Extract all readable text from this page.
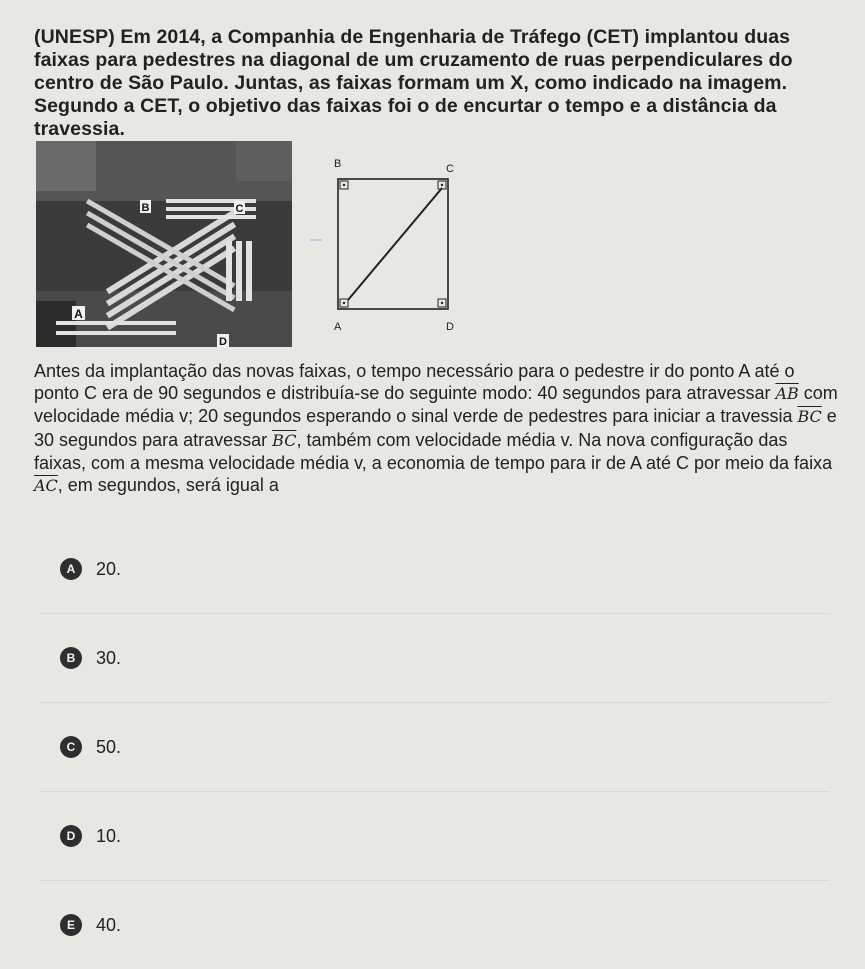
(UNESP) Em 2014, a Companhia de Engenharia de Tráfego (CET) implantou duas faixas para pedestres na diagonal de um cruzamento de ruas perpendiculares do centro de São Paulo. Juntas, as faixas formam um X, como indicado na imagem. Segundo a CET, o objetivo das faixas foi o de encurtar o tempo e a distância da travessia.
B	C
A
D
B	C
A	D
Antes da implantação das novas faixas, o tempo necessário para o pedestre ir do ponto A até o ponto C era de 90 segundos e distribuía-se do seguinte modo: 40 segundos para atravessar $\overline{AB}$ com velocidade média v; 20 segundos esperando o sinal verde de pedestres para iniciar a travessia $\overline{BC}$ e 30 segundos para atravessar $\overline{BC}$, também com velocidade média v. Na nova configuração das faixas, com a mesma velocidade média v, a economia de tempo para ir de A até C por meio da faixa $\overline{AC}$, em segundos, será igual a
A	20.
B	30.
C	50.
D	10.
E	40.
